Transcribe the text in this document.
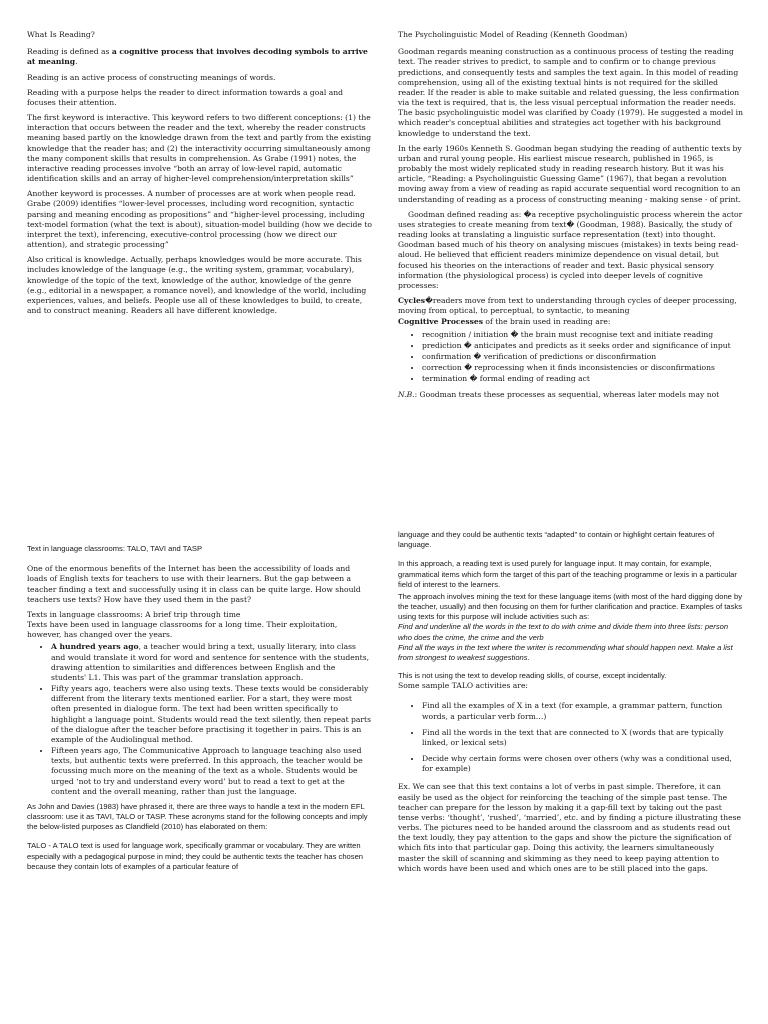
What Is Reading?

Reading is defined as a cognitive process that involves decoding symbols to arrive at meaning.

Reading is an active process of constructing meanings of words.

Reading with a purpose helps the reader to direct information towards a goal and focuses their attention.

The first keyword is interactive. This keyword refers to two different conceptions: (1) the interaction that occurs between the reader and the text, whereby the reader constructs meaning based partly on the knowledge drawn from the text and partly from the existing knowledge that the reader has; and (2) the interactivity occurring simultaneously among the many component skills that results in comprehension. As Grabe (1991) notes, the interactive reading processes involve “both an array of low-level rapid, automatic identification skills and an array of higher-level comprehension/interpretation skills”

Another keyword is processes. A number of processes are at work when people read. Grabe (2009) identifies “lower-level processes, including word recognition, syntactic parsing and meaning encoding as propositions” and “higher-level processing, including text-model formation (what the text is about), situation-model building (how we decide to interpret the text), inferencing, executive-control processing (how we direct our attention), and strategic processing”

Also critical is knowledge. Actually, perhaps knowledges would be more accurate. This includes knowledge of the language (e.g., the writing system, grammar, vocabulary), knowledge of the topic of the text, knowledge of the author, knowledge of the genre (e.g., editorial in a newspaper, a romance novel), and knowledge of the world, including experiences, values, and beliefs. People use all of these knowledges to build, to create, and to construct meaning. Readers all have different knowledge.

The Psycholinguistic Model of Reading (Kenneth Goodman)

Goodman regards meaning construction as a continuous process of testing the reading text. The reader strives to predict, to sample and to confirm or to change previous predictions, and consequently tests and samples the text again. In this model of reading comprehension, using all of the existing textual hints is not required for the skilled reader. If the reader is able to make suitable and related guessing, the less confirmation via the text is required, that is, the less visual perceptual information the reader needs. The basic psycholinguistic model was clarified by Coady (1979). He suggested a model in which reader's conceptual abilities and strategies act together with his background knowledge to understand the text.

In the early 1960s Kenneth S. Goodman began studying the reading of authentic texts by urban and rural young people. His earliest miscue research, published in 1965, is probably the most widely replicated study in reading research history. But it was his article, “Reading: a Psycholinguistic Guessing Game” (1967), that began a revolution moving away from a view of reading as rapid accurate sequential word recognition to an understanding of reading as a process of constructing meaning - making sense - of print.

Goodman defined reading as: �a receptive psycholinguistic process wherein the actor uses strategies to create meaning from text� (Goodman, 1988). Basically, the study of reading looks at translating a linguistic surface representation (text) into thought. Goodman based much of his theory on analysing miscues (mistakes) in texts being read-aloud. He believed that efficient readers minimize dependence on visual detail, but focused his theories on the interactions of reader and text. Basic physical sensory information (the physiological process) is cycled into deeper levels of cognitive processes:

Cycles�readers move from text to understanding through cycles of deeper processing, moving from optical, to perceptual, to syntactic, to meaning

Cognitive Processes of the brain used in reading are:

• recognition / initiation � the brain must recognise text and initiate reading
• prediction � anticipates and predicts as it seeks order and significance of input
• confirmation � verification of predictions or disconfirmation
• correction � reprocessing when it finds inconsistencies or disconfirmations
• termination � formal ending of reading act

N.B.: Goodman treats these processes as sequential, whereas later models may not

Text in language classrooms: TALO, TAVI and TASP

One of the enormous benefits of the Internet has been the accessibility of loads and loads of English texts for teachers to use with their learners. But the gap between a teacher finding a text and successfully using it in class can be quite large. How should teachers use texts? How have they used them in the past?

Texts in language classrooms: A brief trip through time

Texts have been used in language classrooms for a long time. Their exploitation, however, has changed over the years.

• A hundred years ago, a teacher would bring a text, usually literary, into class and would translate it word for word and sentence for sentence with the students, drawing attention to similarities and differences between English and the students' L1. This was part of the grammar translation approach.
• Fifty years ago, teachers were also using texts. These texts would be considerably different from the literary texts mentioned earlier. For a start, they were most often presented in dialogue form. The text had been written specifically to highlight a language point. Students would read the text silently, then repeat parts of the dialogue after the teacher before practising it together in pairs. This is an example of the Audiolingual method.
• Fifteen years ago, The Communicative Approach to language teaching also used texts, but authentic texts were preferred. In this approach, the teacher would be focussing much more on the meaning of the text as a whole. Students would be urged ‘not to try and understand every word’ but to read a text to get at the content and the overall meaning, rather than just the language.

As John and Davies (1983) have phrased it, there are three ways to handle a text in the modern EFL classroom: use it as TAVI, TALO or TASP. These acronyms stand for the following concepts and imply the below-listed purposes as Clandfield (2010) has elaborated on them:

TALO - A TALO text is used for language work, specifically grammar or vocabulary. They are written especially with a pedagogical purpose in mind; they could be authentic texts the teacher has chosen because they contain lots of examples of a particular feature of

language and they could be authentic texts “adapted” to contain or highlight certain features of language.

In this approach, a reading text is used purely for language input. It may contain, for example, grammatical items which form the target of this part of the teaching programme or lexis in a particular field of interest to the learners.

The approach involves mining the text for these language items (with most of the hard digging done by the teacher, usually) and then focusing on them for further clarification and practice. Examples of tasks using texts for this purpose will include activities such as:

Find and underline all the words in the text to do with crime and divide them into three lists: person who does the crime, the crime and the verb

Find all the ways in the text where the writer is recommending what should happen next. Make a list from strongest to weakest suggestions.

This is not using the text to develop reading skills, of course, except incidentally.

Some sample TALO activities are:

• Find all the examples of X in a text (for example, a grammar pattern, function words, a particular verb form…)
• Find all the words in the text that are connected to X (words that are typically linked, or lexical sets)
• Decide why certain forms were chosen over others (why was a conditional used, for example)

Ex. We can see that this text contains a lot of verbs in past simple. Therefore, it can easily be used as the object for reinforcing the teaching of the simple past tense. The teacher can prepare for the lesson by making it a gap-fill text by taking out the past tense verbs: ‘thought’, ‘rushed’, ‘married’, etc. and by finding a picture illustrating these verbs. The pictures need to be handed around the classroom and as students read out the text loudly, they pay attention to the gaps and show the picture the signification of which fits into that particular gap. Doing this activity, the learners simultaneously master the skill of scanning and skimming as they need to keep paying attention to which words have been used and which ones are to be still placed into the gaps.
